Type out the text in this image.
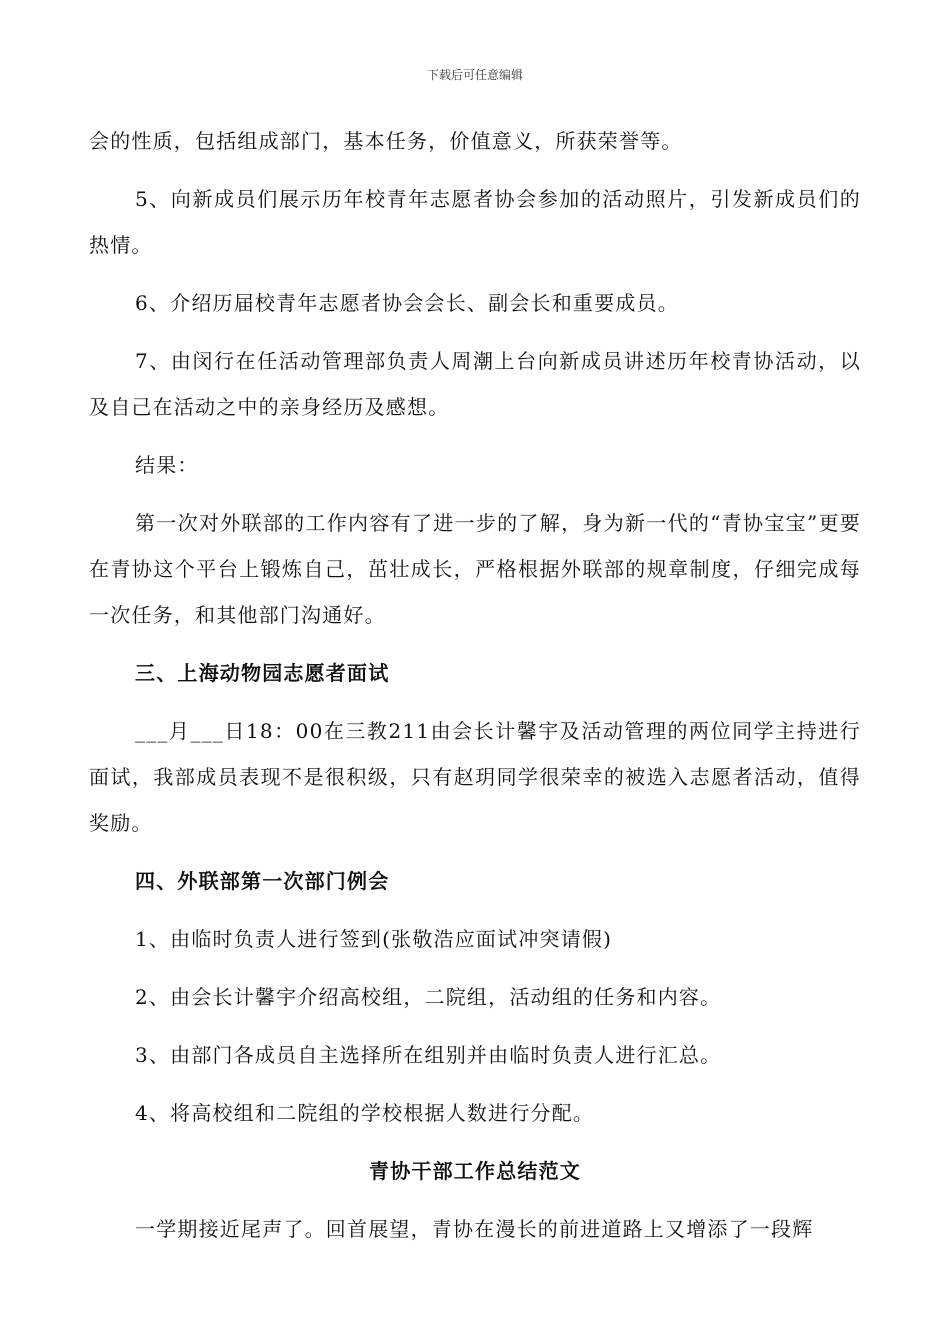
下载后可任意编辑

会的性质，包括组成部门，基本任务，价值意义，所获荣誉等。

5、向新成员们展示历年校青年志愿者协会参加的活动照片，引发新成员们的热情。

6、介绍历届校青年志愿者协会会长、副会长和重要成员。

7、由闵行在任活动管理部负责人周潮上台向新成员讲述历年校青协活动，以及自己在活动之中的亲身经历及感想。

结果：

第一次对外联部的工作内容有了进一步的了解，身为新一代的“青协宝宝”更要在青协这个平台上锻炼自己，茁壮成长，严格根据外联部的规章制度，仔细完成每一次任务，和其他部门沟通好。

三、上海动物园志愿者面试

___月___日18：00在三教211由会长计馨宇及活动管理的两位同学主持进行面试，我部成员表现不是很积级，只有赵玥同学很荣幸的被选入志愿者活动，值得奖励。

四、外联部第一次部门例会

1、由临时负责人进行签到(张敬浩应面试冲突请假)

2、由会长计馨宇介绍高校组，二院组，活动组的任务和内容。

3、由部门各成员自主选择所在组别并由临时负责人进行汇总。

4、将高校组和二院组的学校根据人数进行分配。

青协干部工作总结范文

一学期接近尾声了。回首展望，青协在漫长的前进道路上又增添了一段辉
